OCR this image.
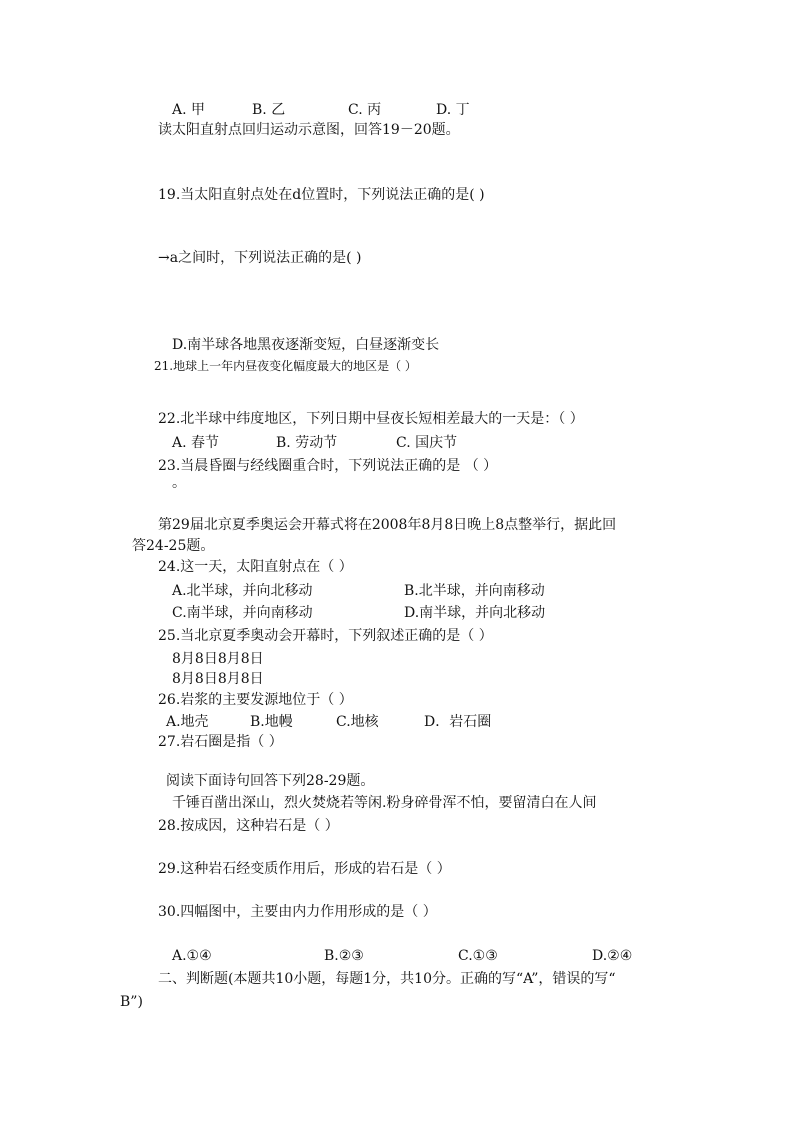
A. 甲	B. 乙	C. 丙	D. 丁
读太阳直射点回归运动示意图，回答19－20题。
19.当太阳直射点处在d位置时，下列说法正确的是( )
→a之间时，下列说法正确的是( )
D.南半球各地黑夜逐渐变短，白昼逐渐变长
21.地球上一年内昼夜变化幅度最大的地区是（ ）
22.北半球中纬度地区，下列日期中昼夜长短相差最大的一天是：（ ）
A. 春节	B. 劳动节	C. 国庆节
23.当晨昏圈与经线圈重合时，下列说法正确的是 （ ）
。
第29届北京夏季奥运会开幕式将在2008年8月8日晚上8点整举行，据此回
答24-25题。
24.这一天，太阳直射点在（ ）
A.北半球，并向北移动	B.北半球，并向南移动
C.南半球，并向南移动	D.南半球，并向北移动
25.当北京夏季奥动会开幕时，下列叙述正确的是（ ）
8月8日8月8日
8月8日8月8日
26.岩浆的主要发源地位于（ ）
A.地壳	B.地幔	C.地核	D．岩石圈
27.岩石圈是指（ ）
阅读下面诗句回答下列28-29题。
千锤百凿出深山，烈火焚烧若等闲.粉身碎骨浑不怕，要留清白在人间
28.按成因，这种岩石是（ ）
29.这种岩石经变质作用后，形成的岩石是（ ）
30.四幅图中，主要由内力作用形成的是（ ）
A.①④	B.②③	C.①③	D.②④
二、判断题(本题共10小题，每题1分，共10分。正确的写“A”，错误的写“
B”)
